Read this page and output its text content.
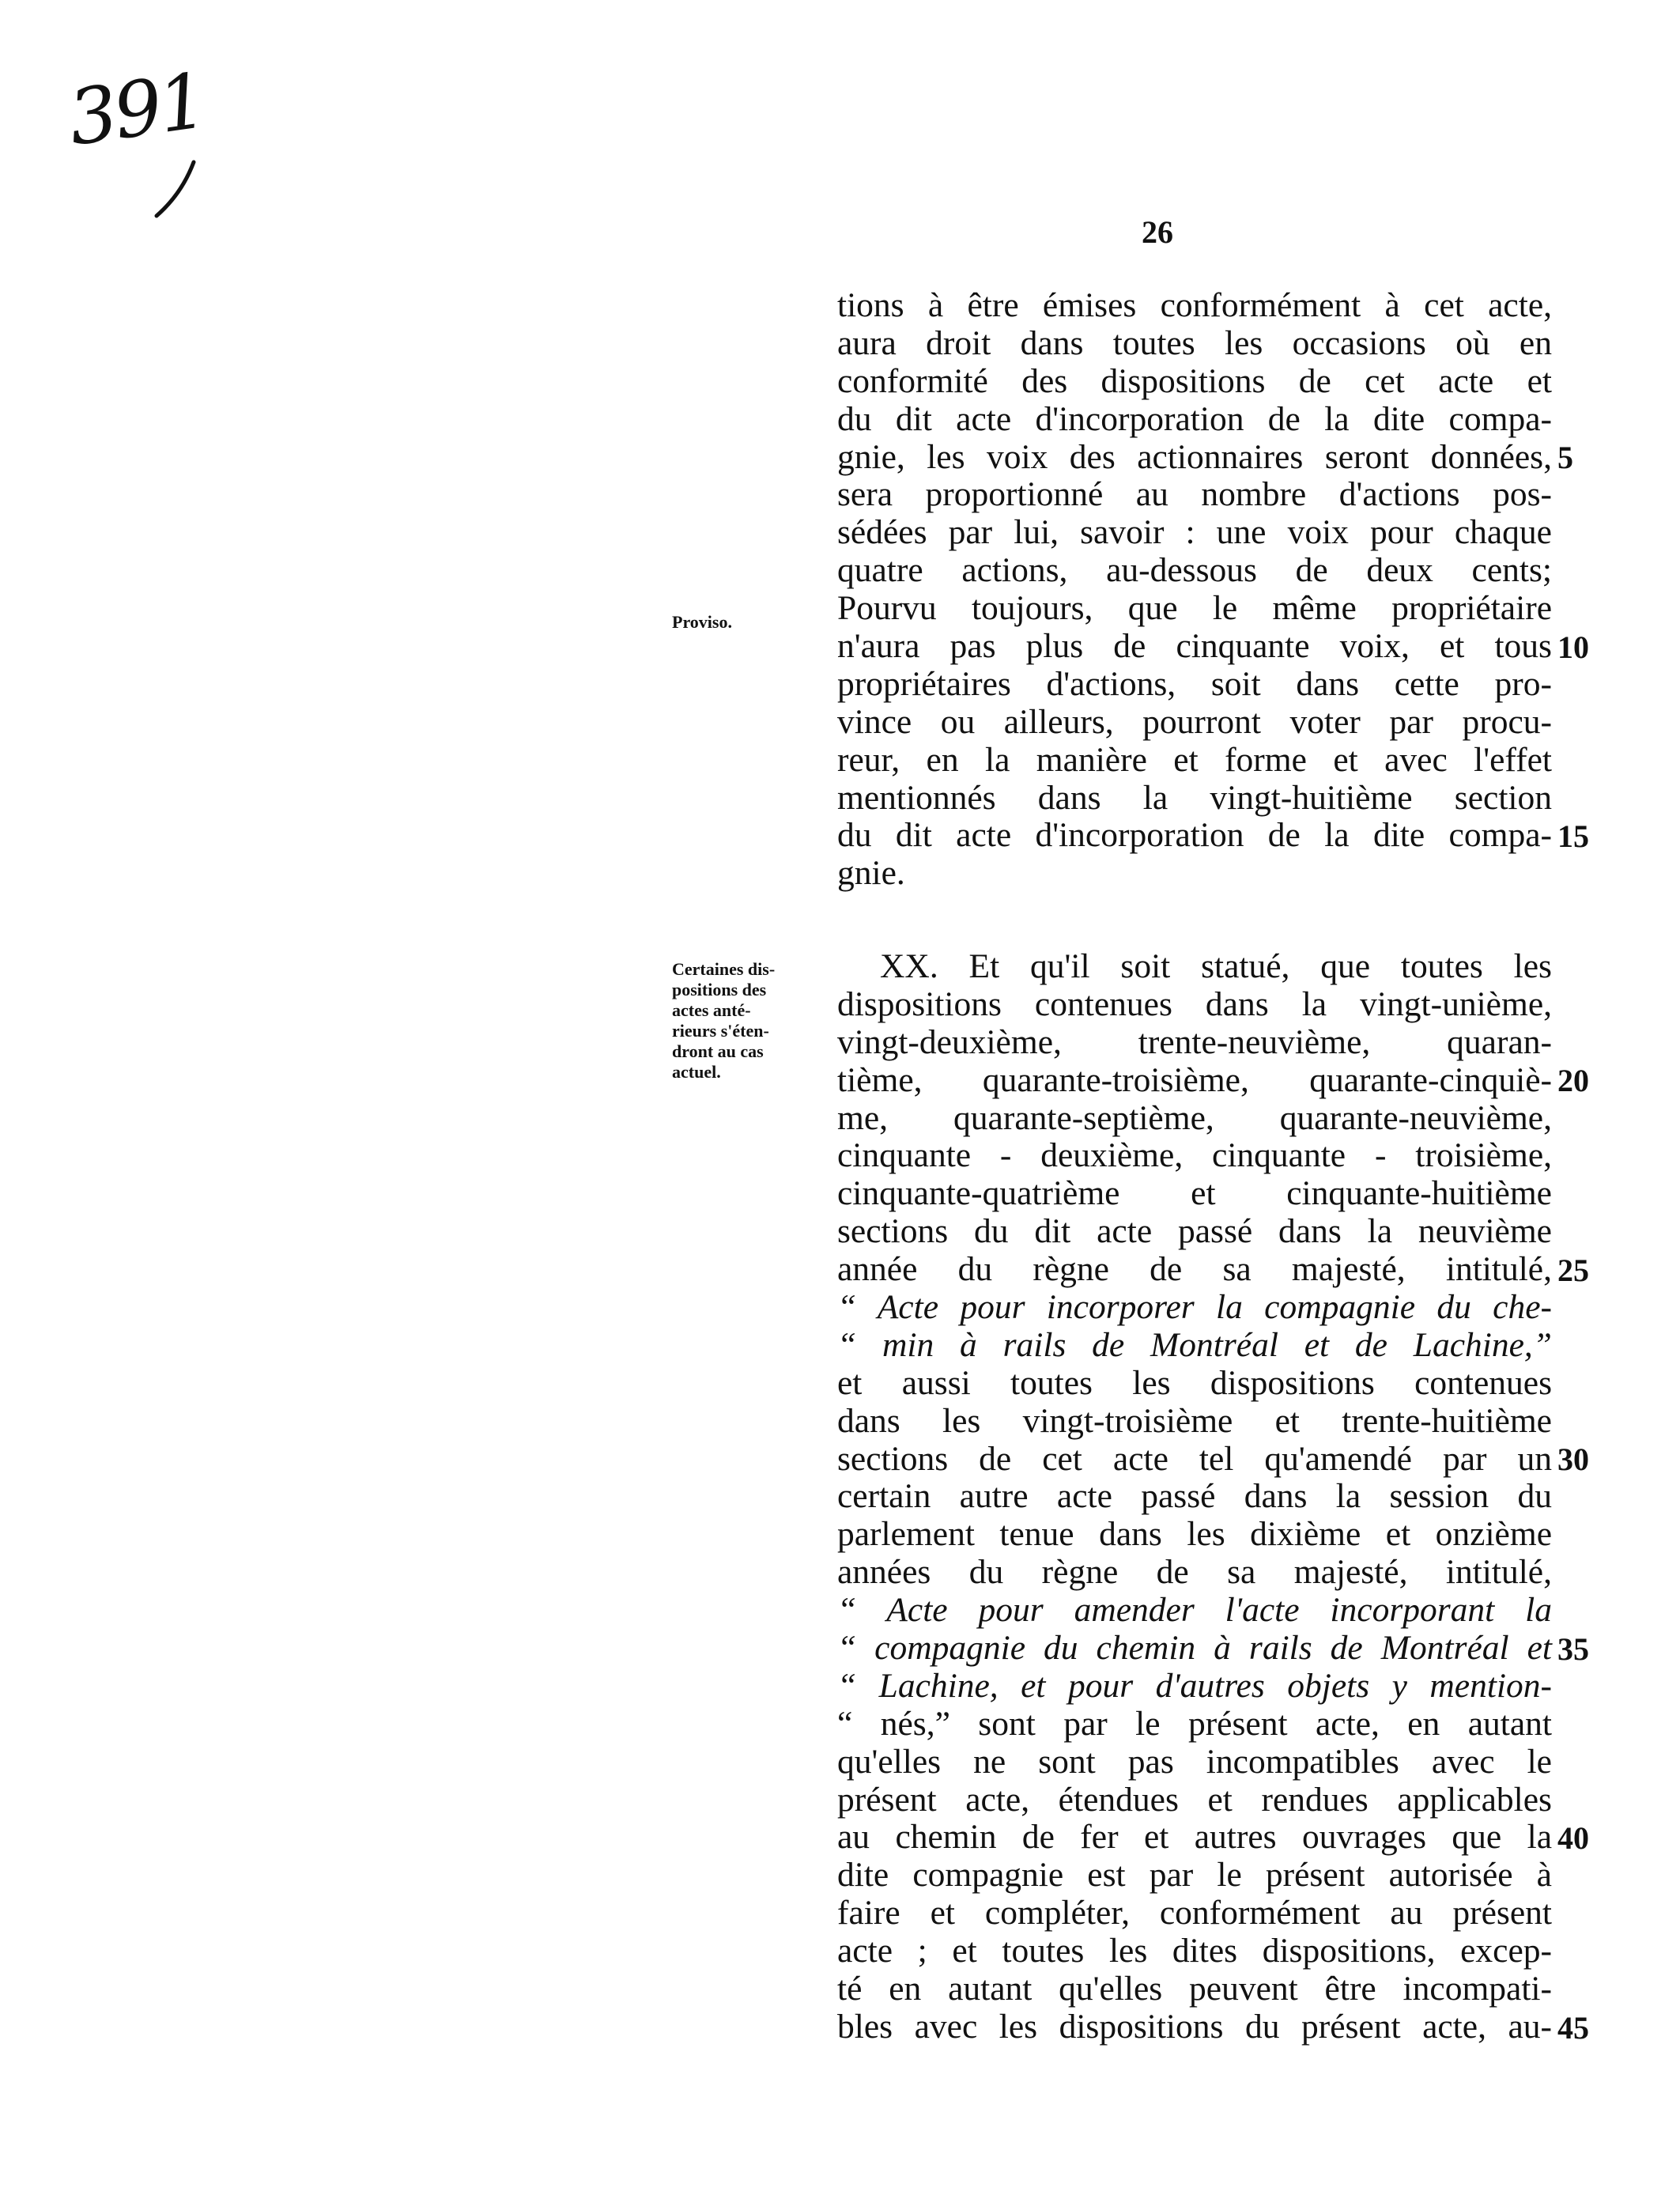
391
26
Proviso.
Certaines dis-
positions des
actes anté-
rieurs s'éten-
dront au cas
actuel.
tions à être émises conformément à cet acte,
aura droit dans toutes les occasions où en
conformité des dispositions de cet acte et
du dit acte d'incorporation de la dite compa-
gnie, les voix des actionnaires seront données,
sera proportionné au nombre d'actions pos-
sédées par lui, savoir : une voix pour chaque
quatre actions, au-dessous de deux cents;
Pourvu toujours, que le même propriétaire
n'aura pas plus de cinquante voix, et tous
propriétaires d'actions, soit dans cette pro-
vince ou ailleurs, pourront voter par procu-
reur, en la manière et forme et avec l'effet
mentionnés dans la vingt-huitième section
du dit acte d'incorporation de la dite compa-
gnie.
XX. Et qu'il soit statué, que toutes les
dispositions contenues dans la vingt-unième,
vingt-deuxième, trente-neuvième, quaran-
tième, quarante-troisième, quarante-cinquiè-
me, quarante-septième, quarante-neuvième,
cinquante - deuxième, cinquante - troisième,
cinquante-quatrième et cinquante-huitième
sections du dit acte passé dans la neuvième
année du règne de sa majesté, intitulé,
“ Acte pour incorporer la compagnie du che-
“ min à rails de Montréal et de Lachine,”
et aussi toutes les dispositions contenues
dans les vingt-troisième et trente-huitième
sections de cet acte tel qu'amendé par un
certain autre acte passé dans la session du
parlement tenue dans les dixième et onzième
années du règne de sa majesté, intitulé,
“ Acte pour amender l'acte incorporant la
“ compagnie du chemin à rails de Montréal et
“ Lachine, et pour d'autres objets y mention-
“ nés,” sont par le présent acte, en autant
qu'elles ne sont pas incompatibles avec le
présent acte, étendues et rendues applicables
au chemin de fer et autres ouvrages que la
dite compagnie est par le présent autorisée à
faire et compléter, conformément au présent
acte ; et toutes les dites dispositions, excep-
té en autant qu'elles peuvent être incompati-
bles avec les dispositions du présent acte, au-
5
10
15
20
25
30
35
40
45
